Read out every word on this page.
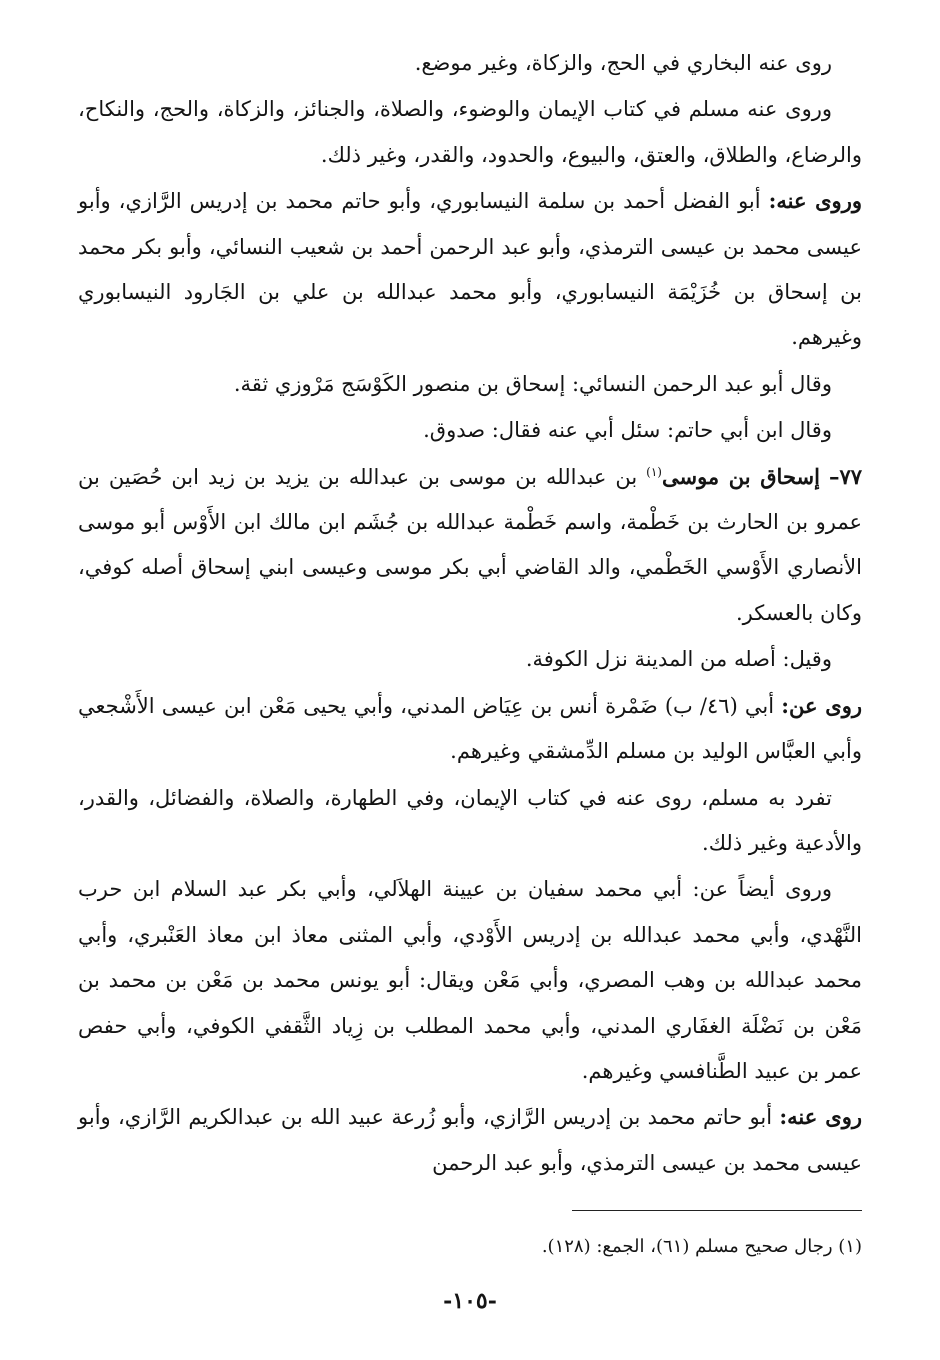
روى عنه البخاري في الحج، والزكاة، وغير موضع.

وروى عنه مسلم في كتاب الإيمان والوضوء، والصلاة، والجنائز، والزكاة، والحج، والنكاح، والرضاع، والطلاق، والعتق، والبيوع، والحدود، والقدر، وغير ذلك.

وروى عنه: أبو الفضل أحمد بن سلمة النيسابوري، وأبو حاتم محمد بن إدريس الرَّازي، وأبو عيسى محمد بن عيسى الترمذي، وأبو عبد الرحمن أحمد بن شعيب النسائي، وأبو بكر محمد بن إسحاق بن خُزَيْمَة النيسابوري، وأبو محمد عبدالله بن علي بن الجَارود النيسابوري وغيرهم.

وقال أبو عبد الرحمن النسائي: إسحاق بن منصور الكَوْسَج مَرْوزي ثقة.

وقال ابن أبي حاتم: سئل أبي عنه فقال: صدوق.

٧٧– إسحاق بن موسى$^{(١)}$ بن عبدالله بن موسى بن عبدالله بن يزيد بن زيد ابن حُصَين بن عمرو بن الحارث بن خَطْمة، واسم خَطْمة عبدالله بن جُشَم ابن مالك ابن الأَوْس أبو موسى الأنصاري الأَوْسي الخَطْمي، والد القاضي أبي بكر موسى وعيسى ابني إسحاق أصله كوفي، وكان بالعسكر.

وقيل: أصله من المدينة نزل الكوفة.

روى عن: أبي (٤٦/ ب) ضَمْرة أنس بن عِيَاض المدني، وأبي يحيى مَعْن ابن عيسى الأَشْجعي وأبي العبَّاس الوليد بن مسلم الدِّمشقي وغيرهم.

تفرد به مسلم، روى عنه في كتاب الإيمان، وفي الطهارة، والصلاة، والفضائل، والقدر، والأدعية وغير ذلك.

وروى أيضاً عن: أبي محمد سفيان بن عيينة الهلاَلي، وأبي بكر عبد السلام ابن حرب النَّهْدي، وأبي محمد عبدالله بن إدريس الأَوْدي، وأبي المثنى معاذ ابن معاذ العَنْبري، وأبي محمد عبدالله بن وهب المصري، وأبي مَعْن ويقال: أبو يونس محمد بن مَعْن بن محمد بن مَعْن بن نَضْلَة الغفَاري المدني، وأبي محمد المطلب بن زِياد الثَّقفي الكوفي، وأبي حفص عمر بن عبيد الطَّنافسي وغيرهم.

روى عنه: أبو حاتم محمد بن إدريس الرَّازي، وأبو زُرعة عبيد الله بن عبدالكريم الرَّازي، وأبو عيسى محمد بن عيسى الترمذي، وأبو عبد الرحمن

(١) رجال صحيح مسلم (٦١)، الجمع: (١٢٨).

-١٠٥-
